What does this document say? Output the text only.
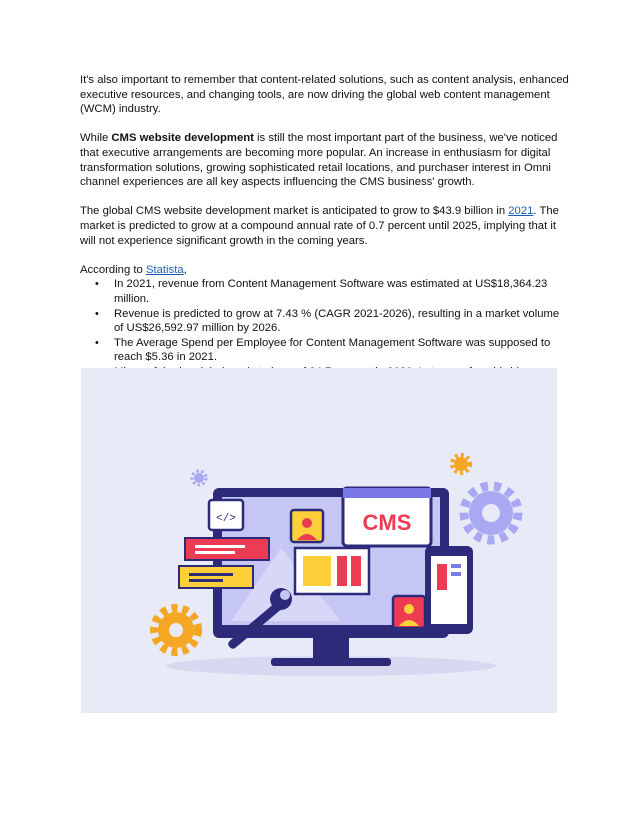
It's also important to remember that content-related solutions, such as content analysis, enhanced executive resources, and changing tools, are now driving the global web content management (WCM) industry.

While CMS website development is still the most important part of the business, we've noticed that executive arrangements are becoming more popular. An increase in enthusiasm for digital transformation solutions, growing sophisticated retail locations, and purchaser interest in Omni channel experiences are all key aspects influencing the CMS business' growth.

The global CMS website development market is anticipated to grow to $43.9 billion in 2021. The market is predicted to grow at a compound annual rate of 0.7 percent until 2025, implying that it will not experience significant growth in the coming years.

According to Statista,
• In 2021, revenue from Content Management Software was estimated at US$18,364.23 million.
• Revenue is predicted to grow at 7.43 % (CAGR 2021-2026), resulting in a market volume of US$26,592.97 million by 2026.
• The Average Spend per Employee for Content Management Software was supposed to reach $5.36 in 2021.
•
CMS
</>
